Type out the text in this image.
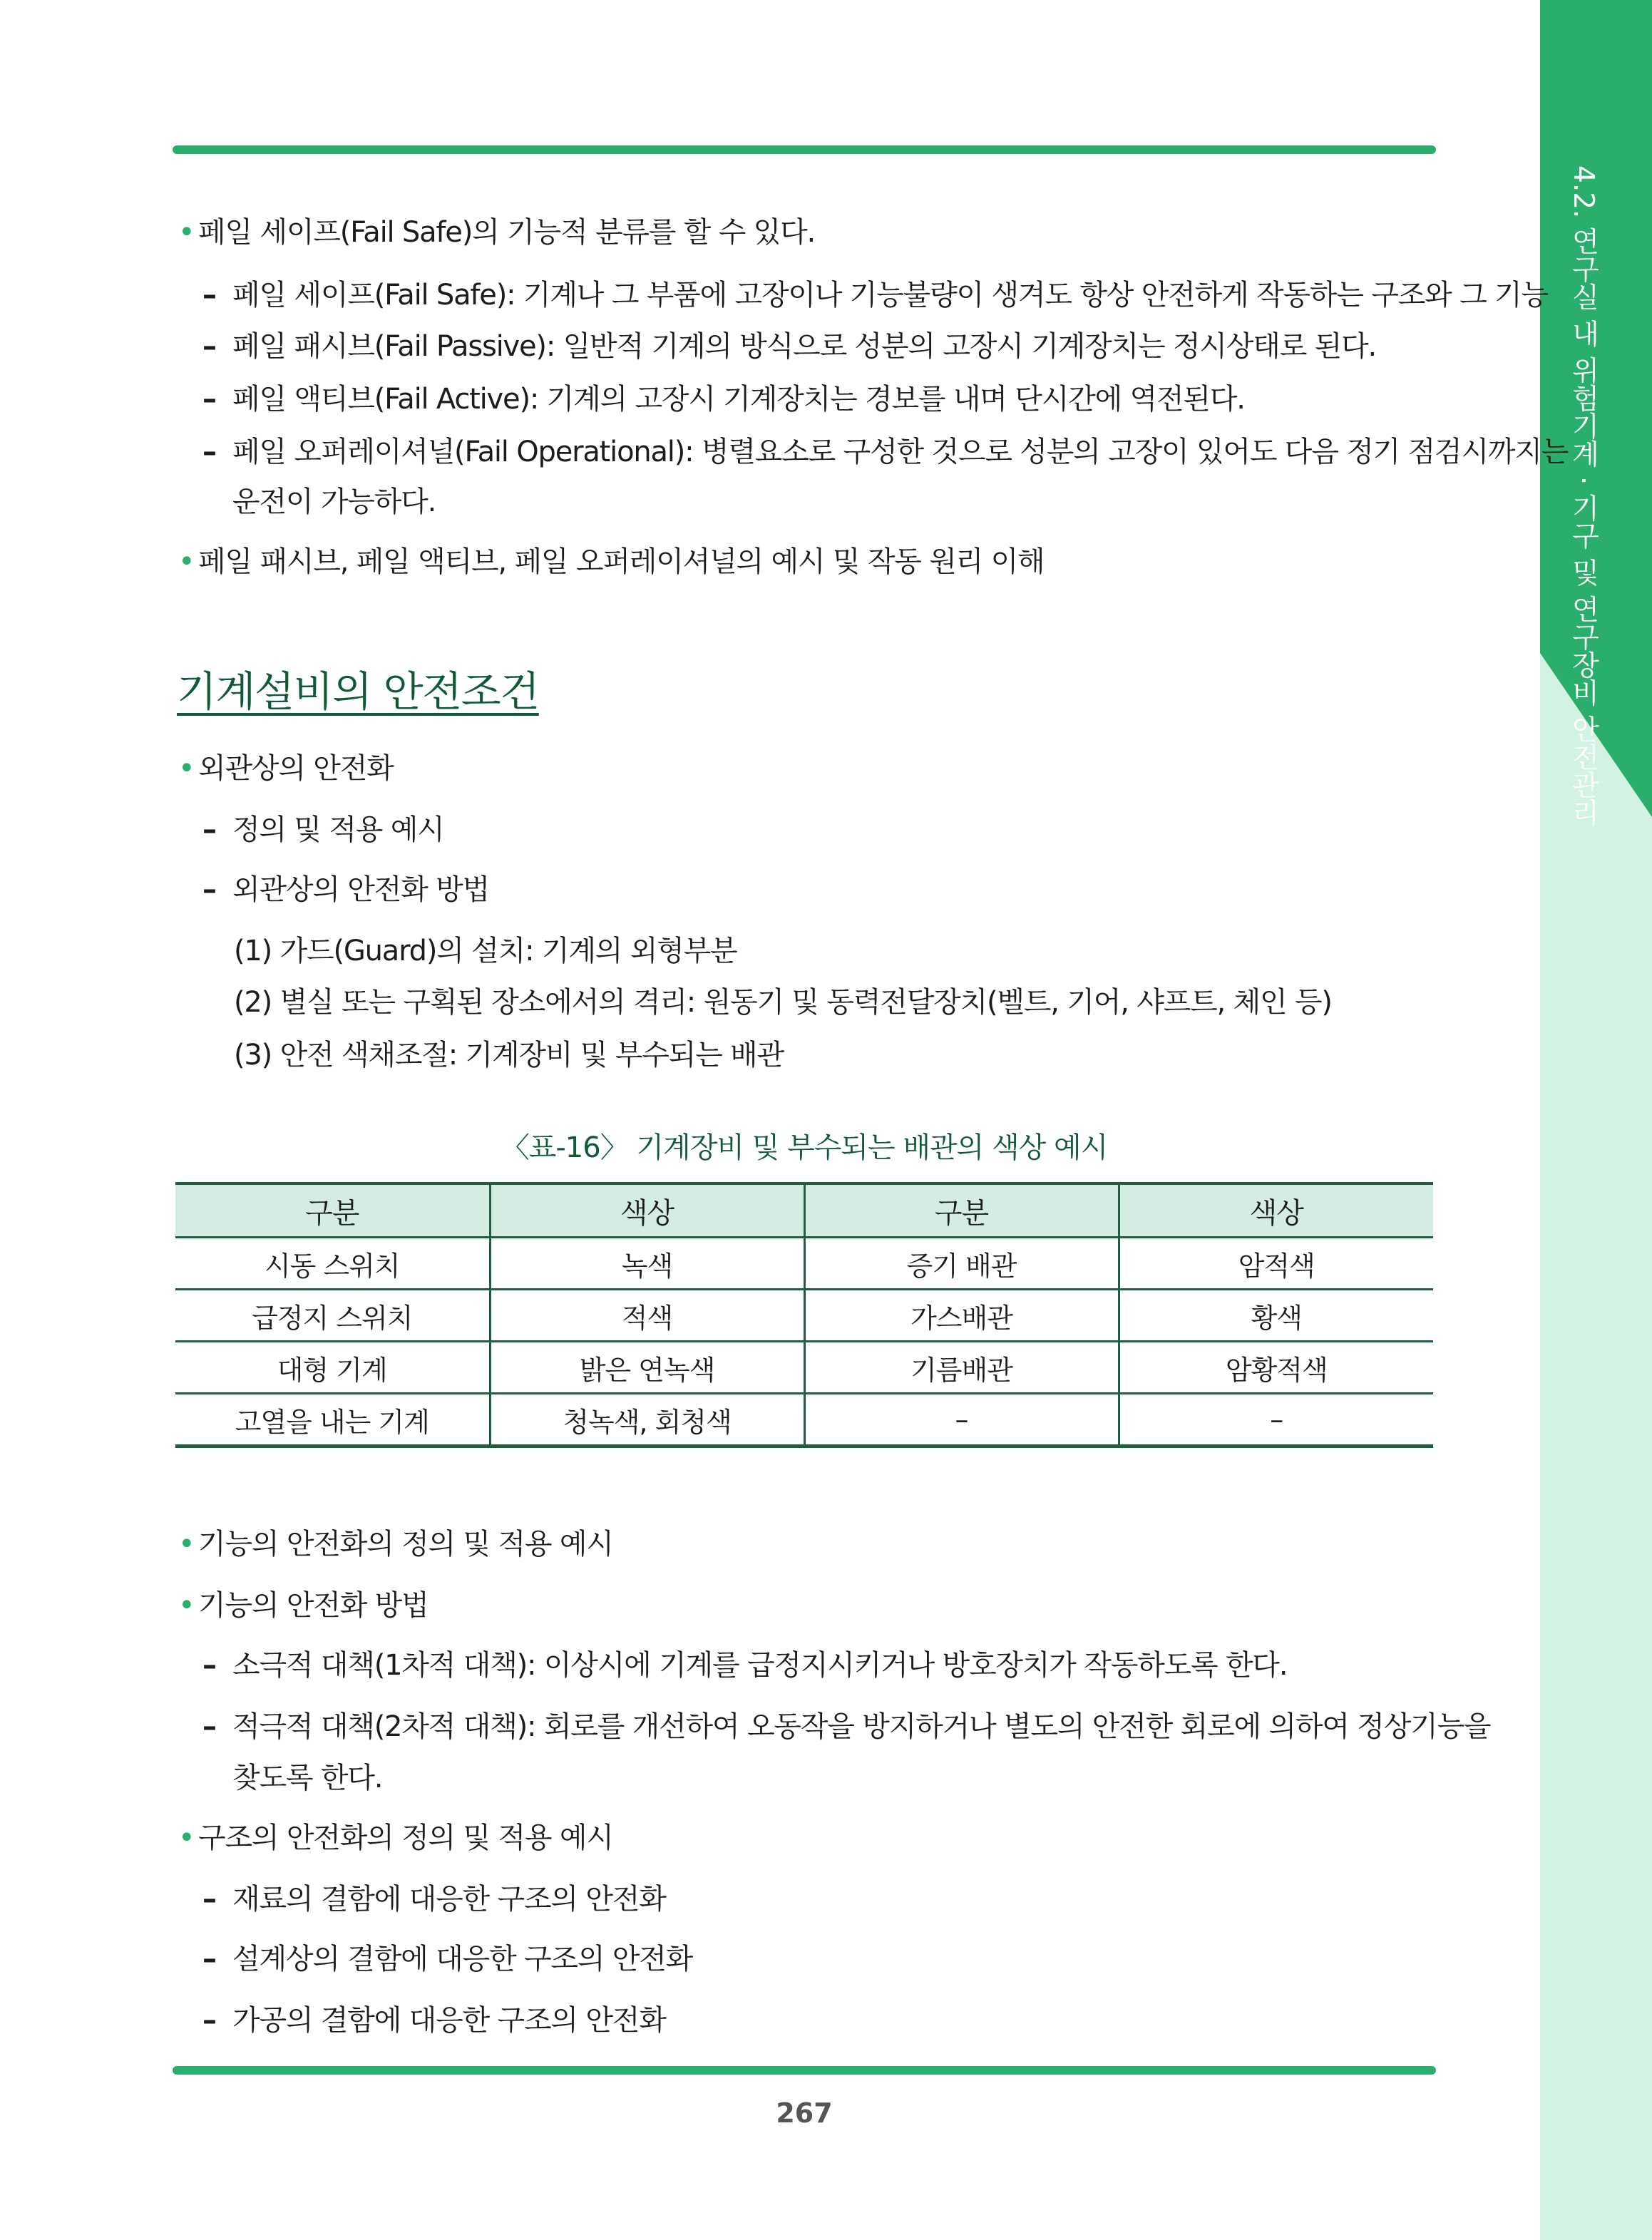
4.2. 연구실 내 위험기계 · 기구 및 연구장비 안전관리
• 페일 세이프(Fail Safe)의 기능적 분류를 할 수 있다.
– 페일 세이프(Fail Safe): 기계나 그 부품에 고장이나 기능불량이 생겨도 항상 안전하게 작동하는 구조와 그 기능
– 페일 패시브(Fail Passive): 일반적 기계의 방식으로 성분의 고장시 기계장치는 정시상태로 된다.
– 페일 액티브(Fail Active): 기계의 고장시 기계장치는 경보를 내며 단시간에 역전된다.
– 페일 오퍼레이셔널(Fail Operational): 병렬요소로 구성한 것으로 성분의 고장이 있어도 다음 정기 점검시까지는
운전이 가능하다.
• 페일 패시브, 페일 액티브, 페일 오퍼레이셔널의 예시 및 작동 원리 이해
기계설비의 안전조건
• 외관상의 안전화
– 정의 및 적용 예시
– 외관상의 안전화 방법
(1) 가드(Guard)의 설치: 기계의 외형부분
(2) 별실 또는 구획된 장소에서의 격리: 원동기 및 동력전달장치(벨트, 기어, 샤프트, 체인 등)
(3) 안전 색채조절: 기계장비 및 부수되는 배관
〈표-16〉 기계장비 및 부수되는 배관의 색상 예시
구분	색상	구분	색상
시동 스위치	녹색	증기 배관	암적색
급정지 스위치	적색	가스배관	황색
대형 기계	밝은 연녹색	기름배관	암황적색
고열을 내는 기계	청녹색, 회청색	–	–
• 기능의 안전화의 정의 및 적용 예시
• 기능의 안전화 방법
– 소극적 대책(1차적 대책): 이상시에 기계를 급정지시키거나 방호장치가 작동하도록 한다.
– 적극적 대책(2차적 대책): 회로를 개선하여 오동작을 방지하거나 별도의 안전한 회로에 의하여 정상기능을
찾도록 한다.
• 구조의 안전화의 정의 및 적용 예시
– 재료의 결함에 대응한 구조의 안전화
– 설계상의 결함에 대응한 구조의 안전화
– 가공의 결함에 대응한 구조의 안전화
267
